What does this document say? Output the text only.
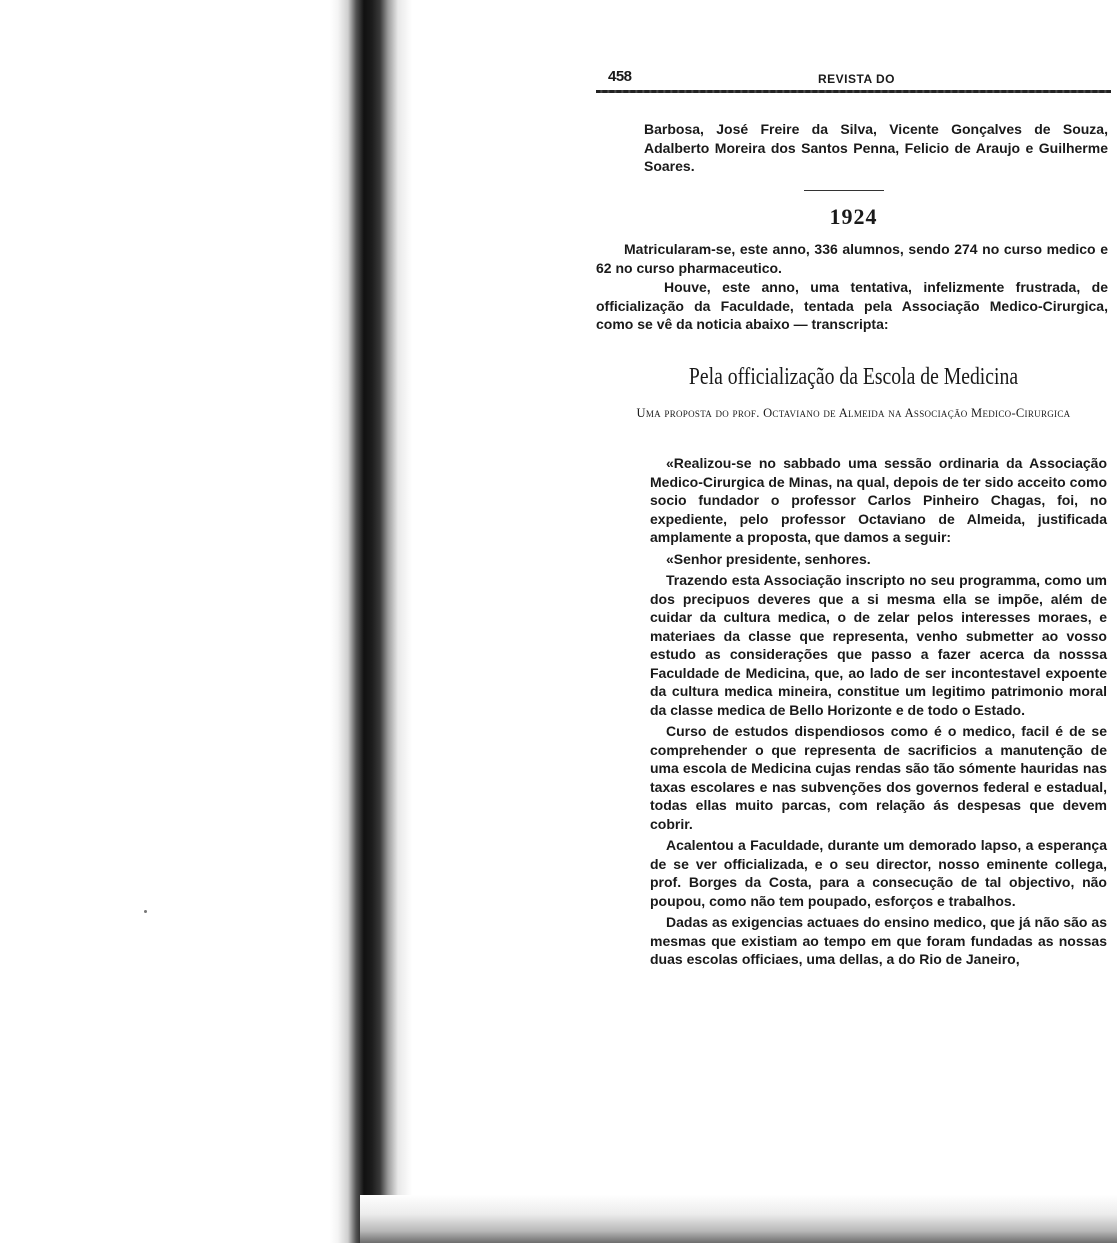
458	REVISTA DO

Barbosa, José Freire da Silva, Vicente Gonçalves de Souza, Adalberto Moreira dos Santos Penna, Felicio de Araujo e Guilherme Soares.

1924

Matricularam-se, este anno, 336 alumnos, sendo 274 no curso medico e 62 no curso pharmaceutico.

Houve, este anno, uma tentativa, infelizmente frustrada, de officialização da Faculdade, tentada pela Associação Medico-Cirurgica, como se vê da noticia abaixo — transcripta:

Pela officialização da Escola de Medicina
Uma proposta do prof. Octaviano de Almeida na Associação Medico-Cirurgica

«Realizou-se no sabbado uma sessão ordinaria da Associação Medico-Cirurgica de Minas, na qual, depois de ter sido acceito como socio fundador o professor Carlos Pinheiro Chagas, foi, no expediente, pelo professor Octaviano de Almeida, justificada amplamente a proposta, que damos a seguir:

«Senhor presidente, senhores.

Trazendo esta Associação inscripto no seu programma, como um dos precipuos deveres que a si mesma ella se impõe, além de cuidar da cultura medica, o de zelar pelos interesses moraes, e materiaes da classe que representa, venho submetter ao vosso estudo as considerações que passo a fazer acerca da nosssa Faculdade de Medicina, que, ao lado de ser incontestavel expoente da cultura medica mineira, constitue um legitimo patrimonio moral da classe medica de Bello Horizonte e de todo o Estado.

Curso de estudos dispendiosos como é o medico, facil é de se comprehender o que representa de sacrificios a manutenção de uma escola de Medicina cujas rendas são tão sómente hauridas nas taxas escolares e nas subvenções dos governos federal e estadual, todas ellas muito parcas, com relação ás despesas que devem cobrir.

Acalentou a Faculdade, durante um demorado lapso, a esperança de se ver officializada, e o seu director, nosso eminente collega, prof. Borges da Costa, para a consecução de tal objectivo, não poupou, como não tem poupado, esforços e trabalhos.

Dadas as exigencias actuaes do ensino medico, que já não são as mesmas que existiam ao tempo em que foram fundadas as nossas duas escolas officiaes, uma dellas, a do Rio de Janeiro,
